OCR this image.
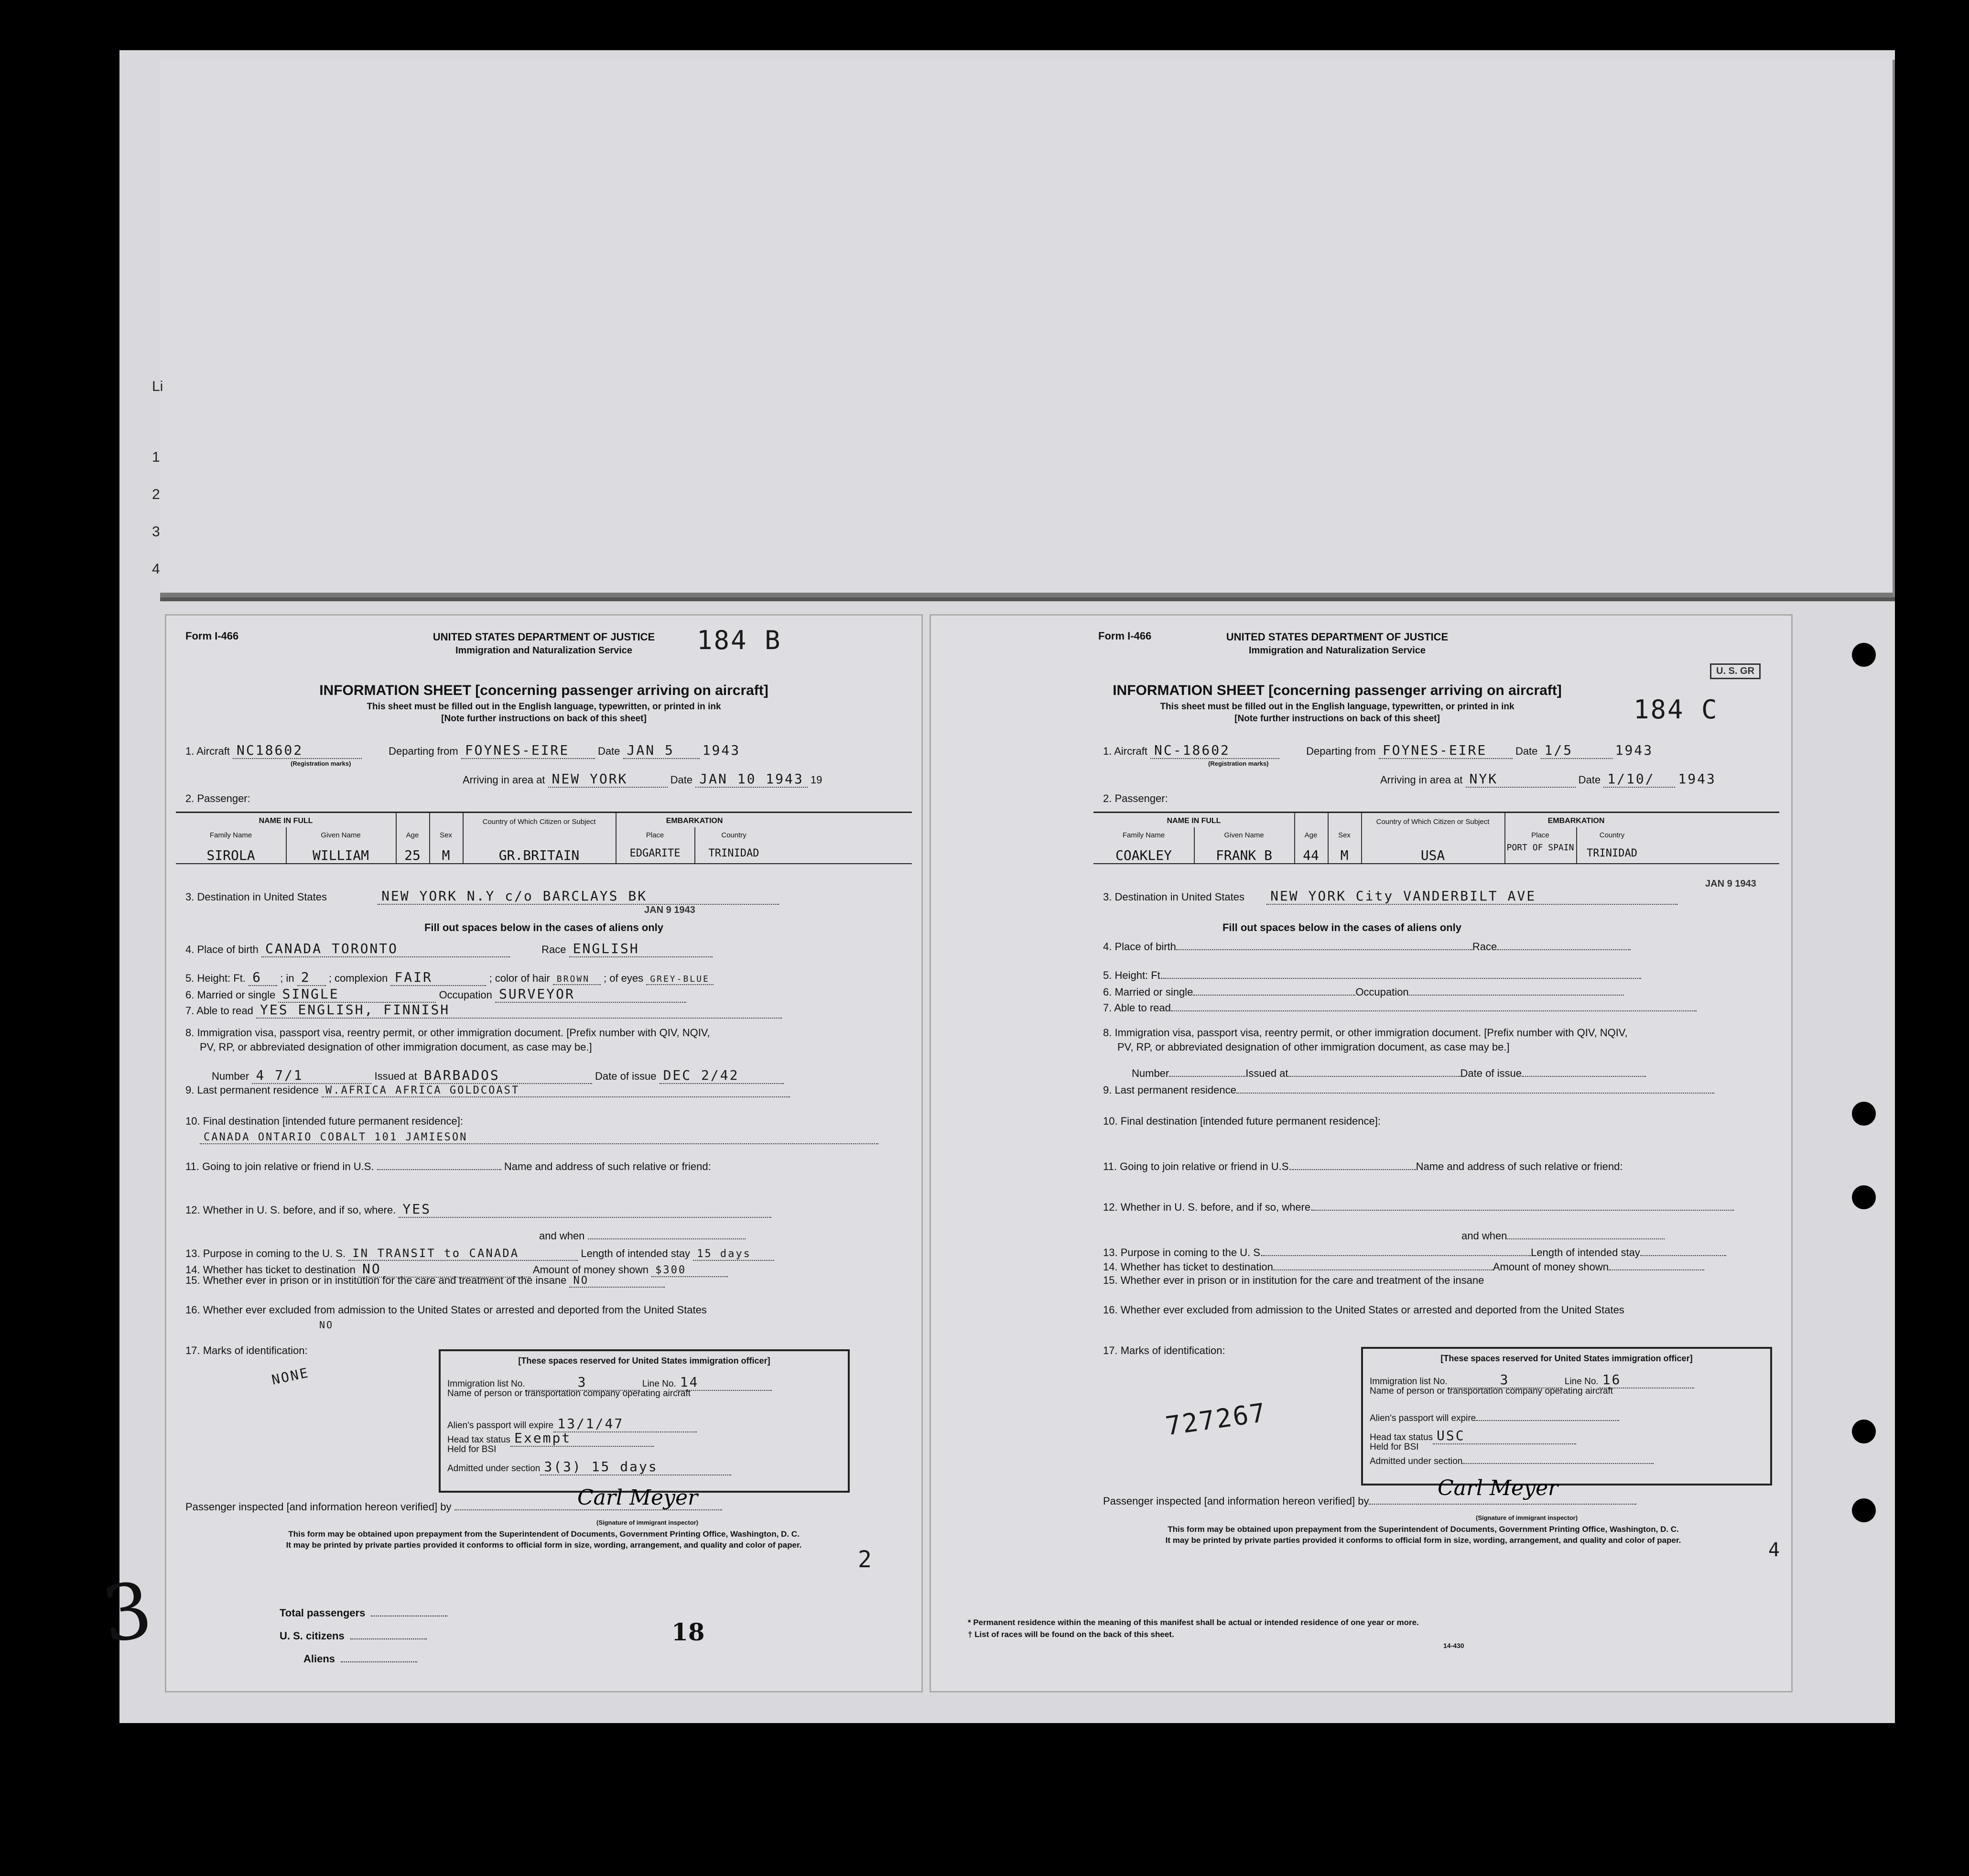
Li
1
2
3
4
Form I-466	UNITED STATES DEPARTMENT OF JUSTICE
Immigration and Naturalization Service	184 B
INFORMATION SHEET [concerning passenger arriving on aircraft]
This sheet must be filled out in the English language, typewritten, or printed in ink
[Note further instructions on back of this sheet]
1. Aircraft NC18602	Departing from FOYNES-EIRE	Date JAN 5 1943
(Registration marks)
Arriving in area at NEW YORK	Date JAN 10 1943 19
2. Passenger:
NAME IN FULL
Family Name	Given Name	Age	Sex
Country of Which Citizen or Subject	EMBARKATION
Place	Country
SIROLA	WILLIAM	25	M	GR.BRITAIN	EDGARITE	TRINIDAD
3. Destination in United States	NEW YORK N.Y c/o BARCLAYS BK
JAN 9 1943
Fill out spaces below in the cases of aliens only
4. Place of birth CANADA TORONTO	Race ENGLISH
5. Height: Ft. 6 ; in 2 ; complexion FAIR	; color of hair BROWN ; of eyes GREY-BLUE
6. Married or single SINGLE	Occupation SURVEYOR
7. Able to read YES ENGLISH, FINNISH
8. Immigration visa, passport visa, reentry permit, or other immigration document. [Prefix number with QIV, NQIV,
PV, RP, or abbreviated designation of other immigration document, as case may be.]
Number 4 7/1	Issued at BARBADOS	Date of issue DEC 2/42
9. Last permanent residence W.AFRICA AFRICA GOLDCOAST
10. Final destination [intended future permanent residence]:
CANADA ONTARIO COBALT 101 JAMIESON
11. Going to join relative or friend in U.S.	Name and address of such relative or friend:
12. Whether in U. S. before, and if so, where. YES
and when
13. Purpose in coming to the U. S. IN TRANSIT to CANADA	Length of intended stay 15 days
14. Whether has ticket to destination NO	Amount of money shown $300
15. Whether ever in prison or in institution for the care and treatment of the insane NO
16. Whether ever excluded from admission to the United States or arrested and deported from the United States
NO
17. Marks of identification:
NONE
[These spaces reserved for United States immigration officer]
Immigration list No.	3	Line No. 14
Name of person or transportation company operating aircraft
Alien's passport will expire 13/1/47
Head tax status Exempt
Held for BSI
Admitted under section 3(3) 15 days
Passenger inspected [and information hereon verified] by	Carl Meyer
(Signature of immigrant inspector)
This form may be obtained upon prepayment from the Superintendent of Documents, Government Printing Office, Washington, D. C.
It may be printed by private parties provided it conforms to official form in size, wording, arrangement, and quality and color of paper.
Form I-466	UNITED STATES DEPARTMENT OF JUSTICE
Immigration and Naturalization Service
U. S. GR
184 C
INFORMATION SHEET [concerning passenger arriving on aircraft]
This sheet must be filled out in the English language, typewritten, or printed in ink
[Note further instructions on back of this sheet]
1. Aircraft NC-18602	Departing from FOYNES-EIRE	Date 1/5	1943
(Registration marks)
Arriving in area at NYK	Date 1/10/ 1943
2. Passenger:
NAME IN FULL
Family Name	Given Name	Age	Sex
Country of Which Citizen or Subject	EMBARKATION
Place	Country
COAKLEY	FRANK B	44	M	USA	PORT OF SPAIN	TRINIDAD
3. Destination in United States NEW YORK City VANDERBILT AVE
JAN 9 1943
Fill out spaces below in the cases of aliens only
4. Place of birth	Race
5. Height: Ft.
6. Married or single	Occupation
7. Able to read
8. Immigration visa, passport visa, reentry permit, or other immigration document. [Prefix number with QIV, NQIV,
PV, RP, or abbreviated designation of other immigration document, as case may be.]
Number	Issued at	Date of issue
9. Last permanent residence
10. Final destination [intended future permanent residence]:
11. Going to join relative or friend in U.S.	Name and address of such relative or friend:
12. Whether in U. S. before, and if so, where.
and when
13. Purpose in coming to the U. S.	Length of intended stay
14. Whether has ticket to destination	Amount of money shown
15. Whether ever in prison or in institution for the care and treatment of the insane
16. Whether ever excluded from admission to the United States or arrested and deported from the United States
17. Marks of identification:
727267
[These spaces reserved for United States immigration officer]
Immigration list No.	3	Line No. 16
Name of person or transportation company operating aircraft
Alien's passport will expire
Head tax status USC
Held for BSI
Admitted under section
Passenger inspected [and information hereon verified] by
Carl Meyer
(Signature of immigrant inspector)
This form may be obtained upon prepayment from the Superintendent of Documents, Government Printing Office, Washington, D. C.
It may be printed by private parties provided it conforms to official form in size, wording, arrangement, and quality and color of paper.
3	Total passengers
U. S. citizens
Aliens
18
2	4
* Permanent residence within the meaning of this manifest shall be actual or intended residence of one year or more.
† List of races will be found on the back of this sheet.
14-430
